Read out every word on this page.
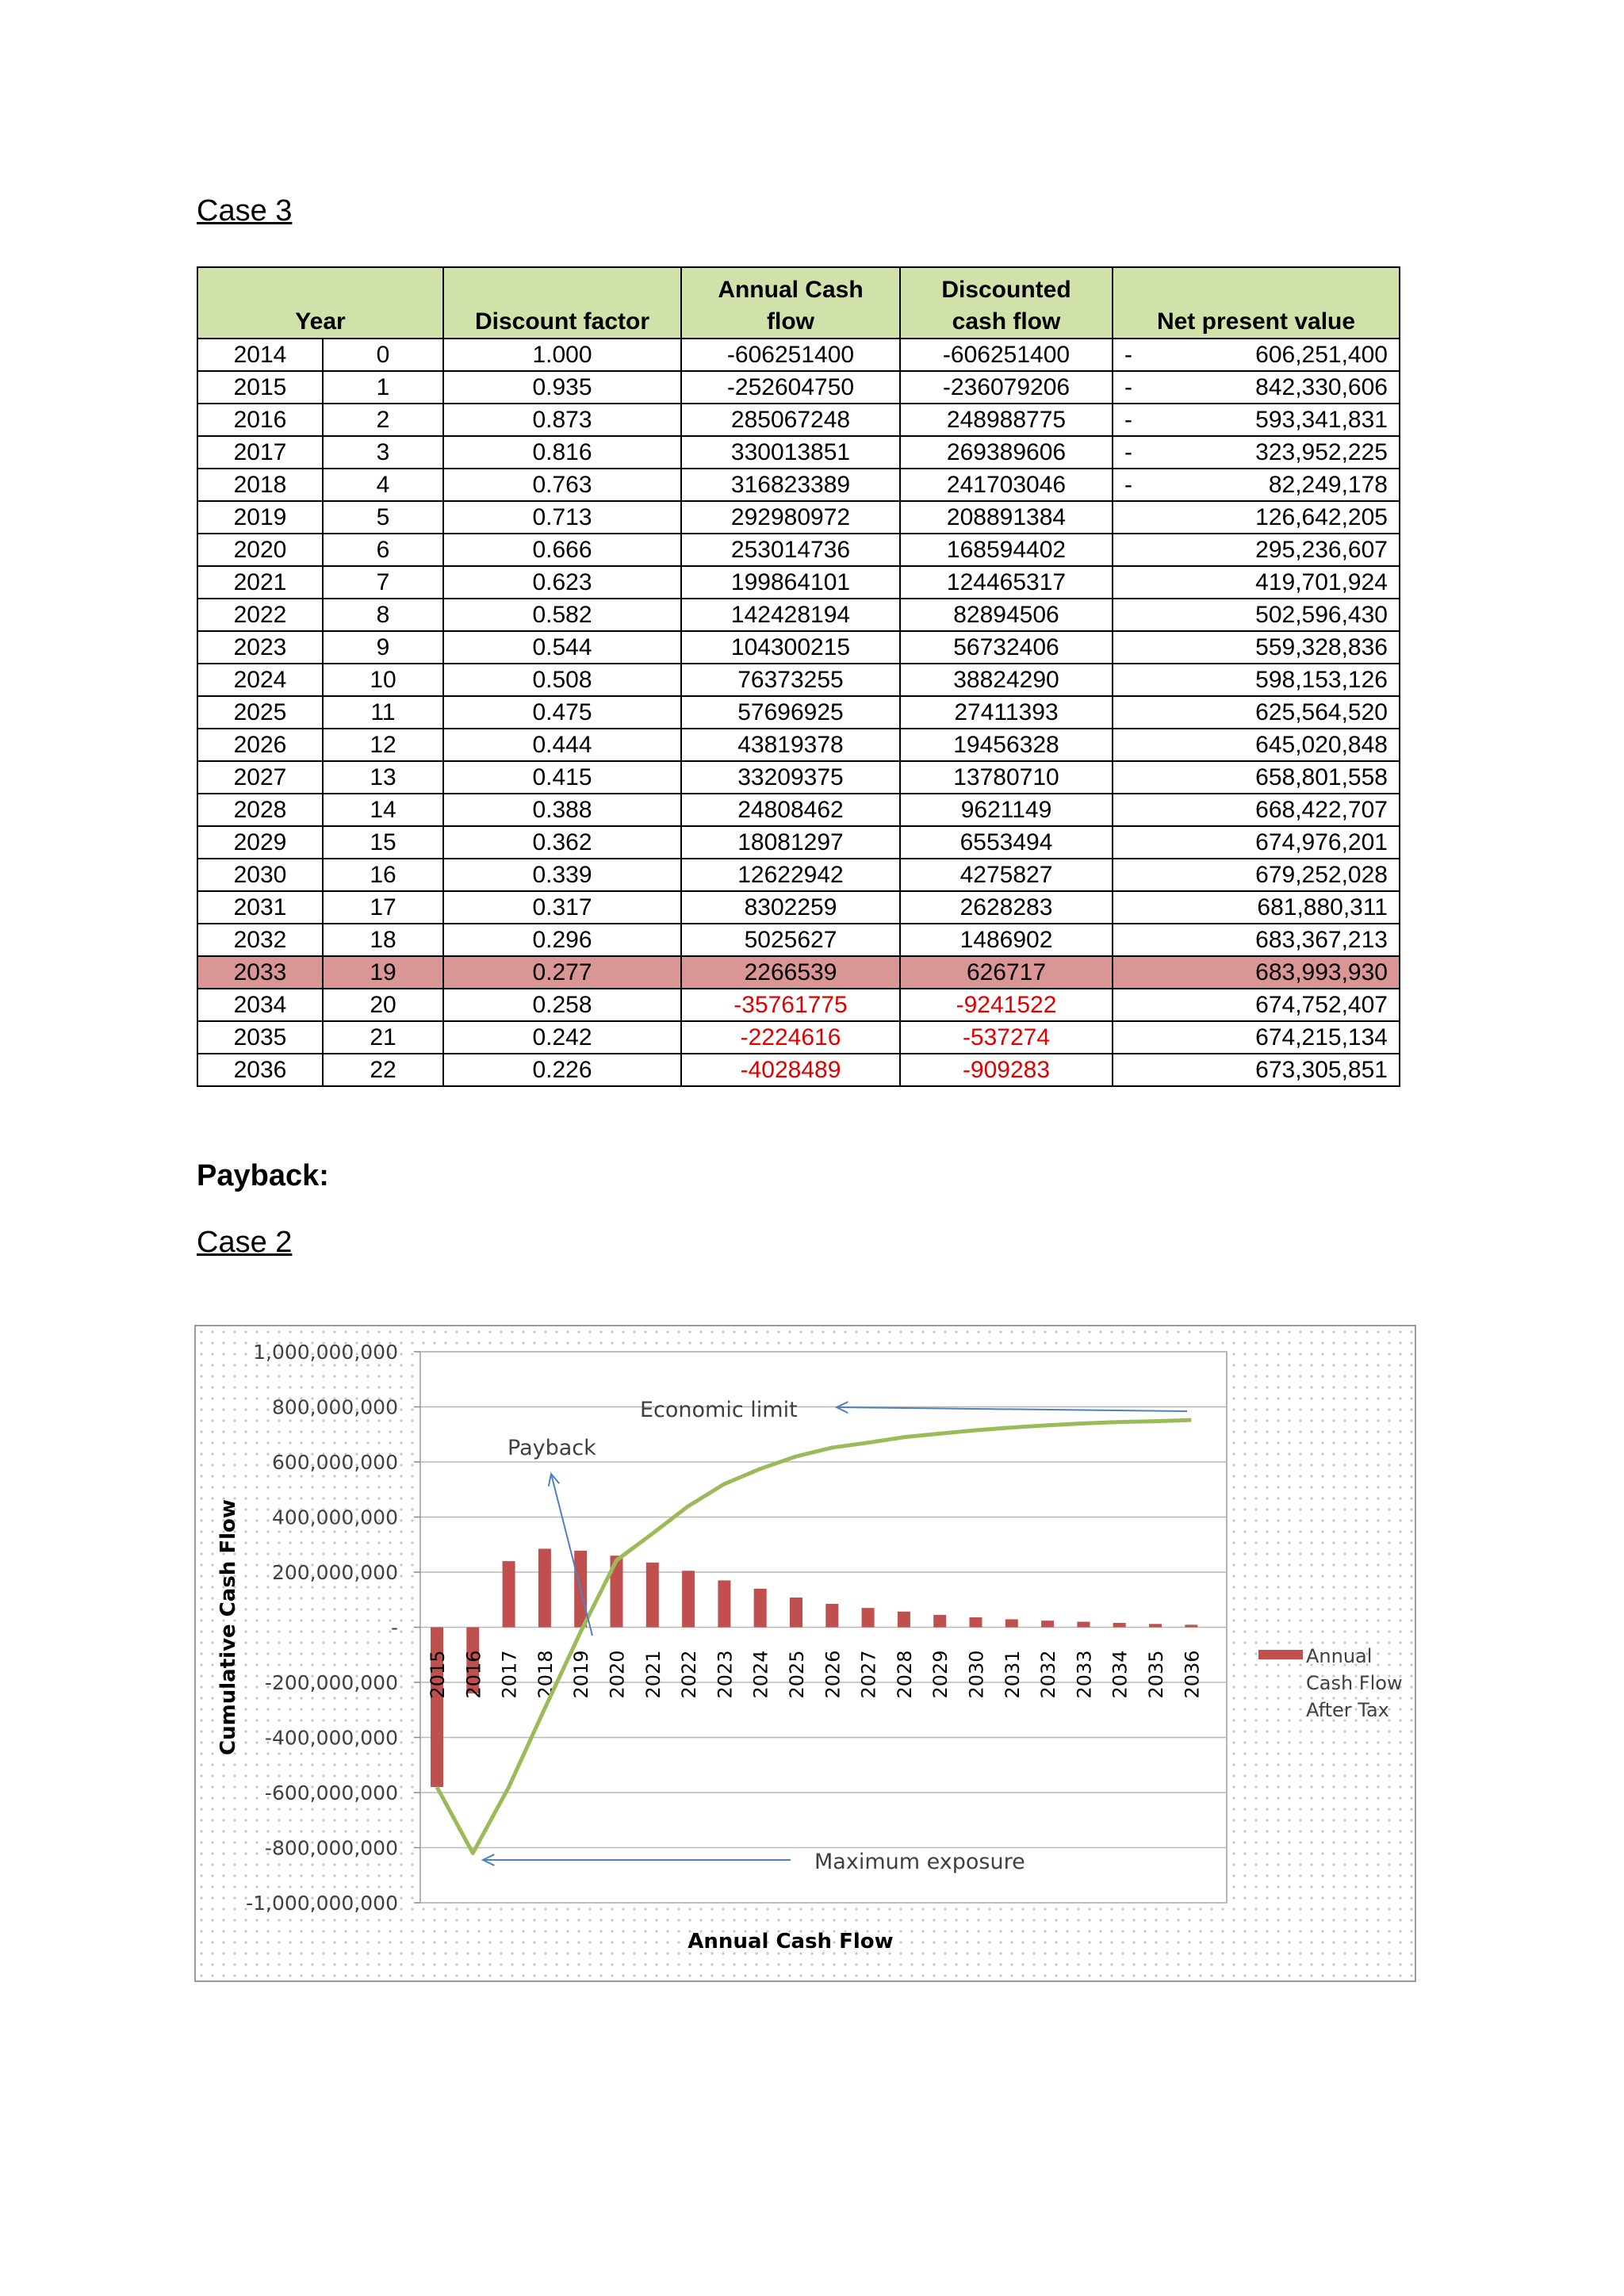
Case 3
Year		Discount factor	Annual Cash flow	Discounted cash flow	Net present value	
2014	0	1.000	-606251400	-606251400	-	606,251,400
2015	1	0.935	-252604750	-236079206	-	842,330,606
2016	2	0.873	285067248	248988775	-	593,341,831
2017	3	0.816	330013851	269389606	-	323,952,225
2018	4	0.763	316823389	241703046	-	82,249,178
2019	5	0.713	292980972	208891384		126,642,205
2020	6	0.666	253014736	168594402		295,236,607
2021	7	0.623	199864101	124465317		419,701,924
2022	8	0.582	142428194	82894506		502,596,430
2023	9	0.544	104300215	56732406		559,328,836
2024	10	0.508	76373255	38824290		598,153,126
2025	11	0.475	57696925	27411393		625,564,520
2026	12	0.444	43819378	19456328		645,020,848
2027	13	0.415	33209375	13780710		658,801,558
2028	14	0.388	24808462	9621149		668,422,707
2029	15	0.362	18081297	6553494		674,976,201
2030	16	0.339	12622942	4275827		679,252,028
2031	17	0.317	8302259	2628283		681,880,311
2032	18	0.296	5025627	1486902		683,367,213
2033	19	0.277	2266539	626717		683,993,930
2034	20	0.258	-35761775	-9241522		674,752,407
2035	21	0.242	-2224616	-537274		674,215,134
2036	22	0.226	-4028489	-909283		673,305,851
Payback:
Case 2
1,000,000,000
800,000,000
600,000,000
400,000,000
200,000,000
-
-200,000,000
-400,000,000
-600,000,000
-800,000,000
-1,000,000,000
2015 2016 2017 2018 2019 2020 2021 2022 2023 2024 2025 2026 2027 2028 2029 2030 2031 2032 2033 2034 2035 2036
Economic limit
Payback
Maximum exposure
Cumulative Cash Flow
Annual Cash Flow
Annual
Cash Flow
After Tax
